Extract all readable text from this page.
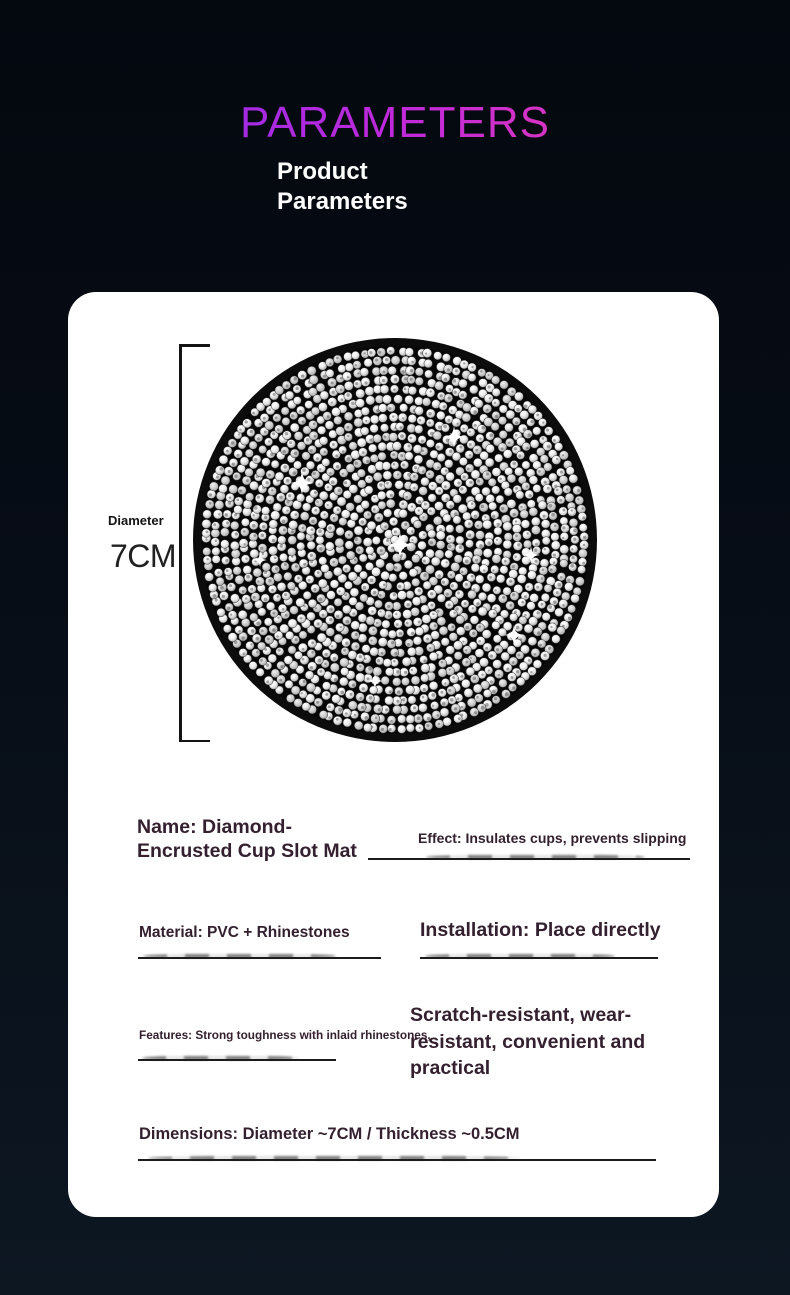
PARAMETERS
Product Parameters
Diameter
7CM
Name: Diamond-Encrusted Cup Slot Mat
Effect: Insulates cups, prevents slipping
Material: PVC + Rhinestones	Installation: Place directly
Features: Strong toughness with inlaid rhinestones,
Scratch-resistant, wear-resistant, convenient and practical
Dimensions: Diameter ~7CM / Thickness ~0.5CM
